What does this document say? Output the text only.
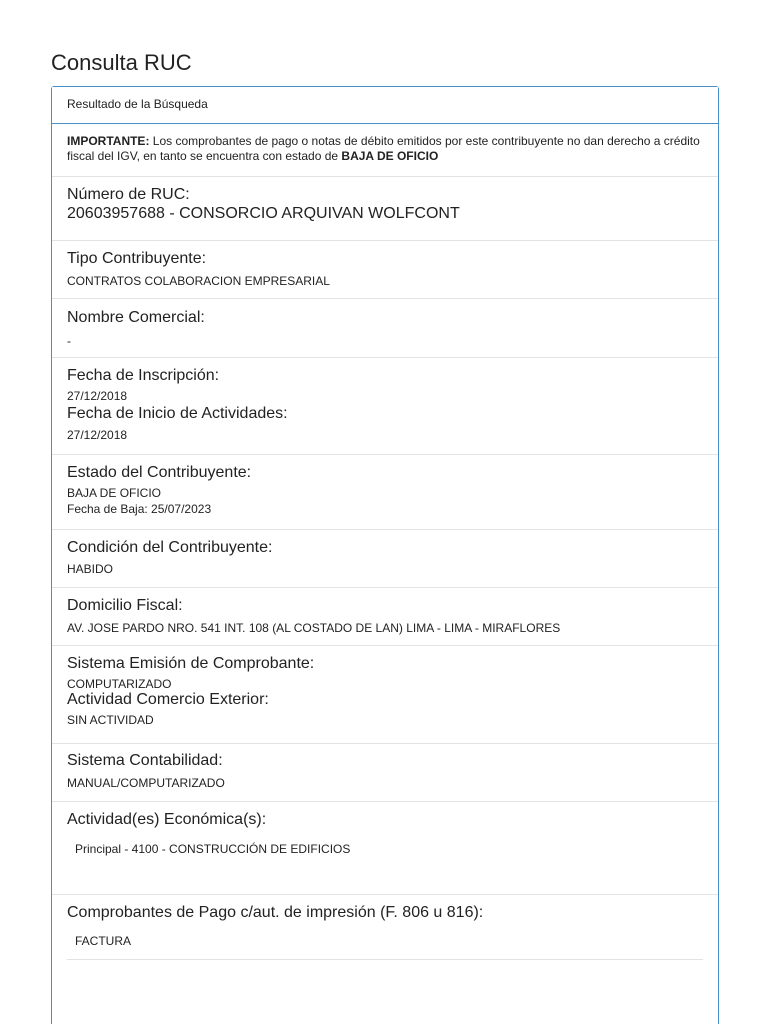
Consulta RUC
Resultado de la Búsqueda
IMPORTANTE: Los comprobantes de pago o notas de débito emitidos por este contribuyente no dan derecho a crédito fiscal del IGV, en tanto se encuentra con estado de BAJA DE OFICIO
Número de RUC:
20603957688 - CONSORCIO ARQUIVAN WOLFCONT
Tipo Contribuyente:
CONTRATOS COLABORACION EMPRESARIAL
Nombre Comercial:
-
Fecha de Inscripción:
27/12/2018
Fecha de Inicio de Actividades:
27/12/2018
Estado del Contribuyente:
BAJA DE OFICIO
Fecha de Baja: 25/07/2023
Condición del Contribuyente:
HABIDO
Domicilio Fiscal:
AV. JOSE PARDO NRO. 541 INT. 108 (AL COSTADO DE LAN) LIMA - LIMA - MIRAFLORES
Sistema Emisión de Comprobante:
COMPUTARIZADO
Actividad Comercio Exterior:
SIN ACTIVIDAD
Sistema Contabilidad:
MANUAL/COMPUTARIZADO
Actividad(es) Económica(s):
Principal - 4100 - CONSTRUCCIÓN DE EDIFICIOS
Comprobantes de Pago c/aut. de impresión (F. 806 u 816):
FACTURA
